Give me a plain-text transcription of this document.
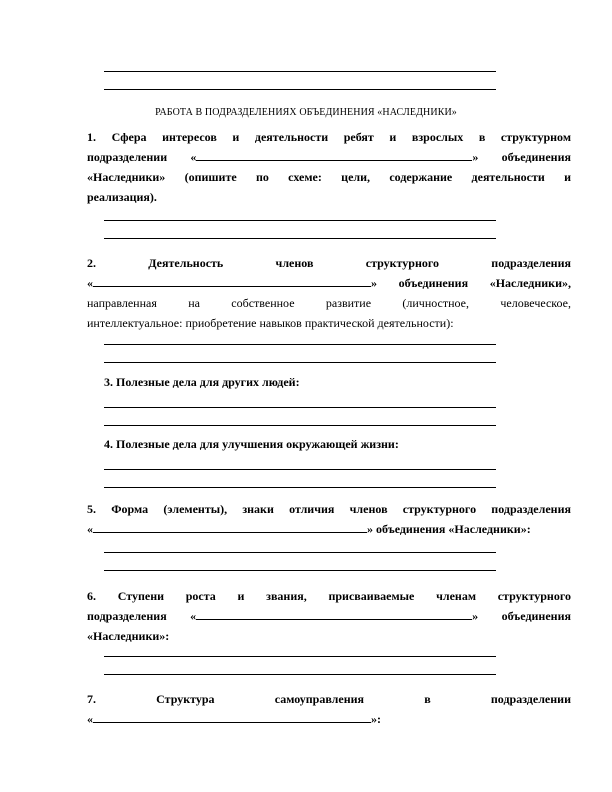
РАБОТА В ПОДРАЗДЕЛЕНИЯХ ОБЪЕДИНЕНИЯ «НАСЛЕДНИКИ»
1. Сфера интересов и деятельности ребят и взрослых в структурном
подразделении «	» объединения
«Наследники» (опишите по схеме: цели, содержание деятельности и
реализация).
2. Деятельность членов структурного подразделения
«	» объединения «Наследники»,
направленная на собственное развитие (личностное, человеческое,
интеллектуальное: приобретение навыков практической деятельности):
3. Полезные дела для других людей:
4. Полезные дела для улучшения окружающей жизни:
5. Форма (элементы), знаки отличия членов структурного подразделения
«	» объединения «Наследники»:
6. Ступени роста и звания, присваиваемые членам структурного
подразделения «	» объединения
«Наследники»:
7. Структура самоуправления в подразделении
«	»:
